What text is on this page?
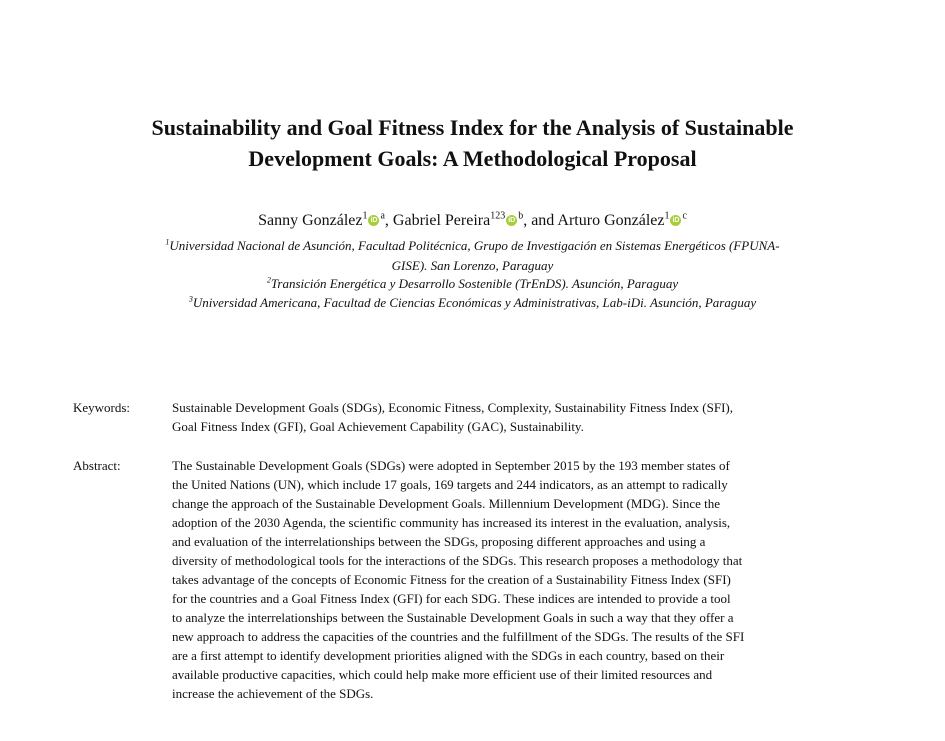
Sustainability and Goal Fitness Index for the Analysis of Sustainable
Development Goals: A Methodological Proposal
Sanny González$^1$ iD $^a$, Gabriel Pereira$^{123}$ iD $^b$, and Arturo González$^1$ iD $^c$
$^1$Universidad Nacional de Asunción, Facultad Politécnica, Grupo de Investigación en Sistemas Energéticos (FPUNA-
GISE). San Lorenzo, Paraguay
$^2$Transición Energética y Desarrollo Sostenible (TrEnDS). Asunción, Paraguay
$^3$Universidad Americana, Facultad de Ciencias Económicas y Administrativas, Lab-iDi. Asunción, Paraguay
Keywords:	Sustainable Development Goals (SDGs), Economic Fitness, Complexity, Sustainability Fitness Index (SFI),
Goal Fitness Index (GFI), Goal Achievement Capability (GAC), Sustainability.
Abstract:	The Sustainable Development Goals (SDGs) were adopted in September 2015 by the 193 member states of
the United Nations (UN), which include 17 goals, 169 targets and 244 indicators, as an attempt to radically
change the approach of the Sustainable Development Goals. Millennium Development (MDG). Since the
adoption of the 2030 Agenda, the scientific community has increased its interest in the evaluation, analysis,
and evaluation of the interrelationships between the SDGs, proposing different approaches and using a
diversity of methodological tools for the interactions of the SDGs. This research proposes a methodology that
takes advantage of the concepts of Economic Fitness for the creation of a Sustainability Fitness Index (SFI)
for the countries and a Goal Fitness Index (GFI) for each SDG. These indices are intended to provide a tool
to analyze the interrelationships between the Sustainable Development Goals in such a way that they offer a
new approach to address the capacities of the countries and the fulfillment of the SDGs. The results of the SFI
are a first attempt to identify development priorities aligned with the SDGs in each country, based on their
available productive capacities, which could help make more efficient use of their limited resources and
increase the achievement of the SDGs.
